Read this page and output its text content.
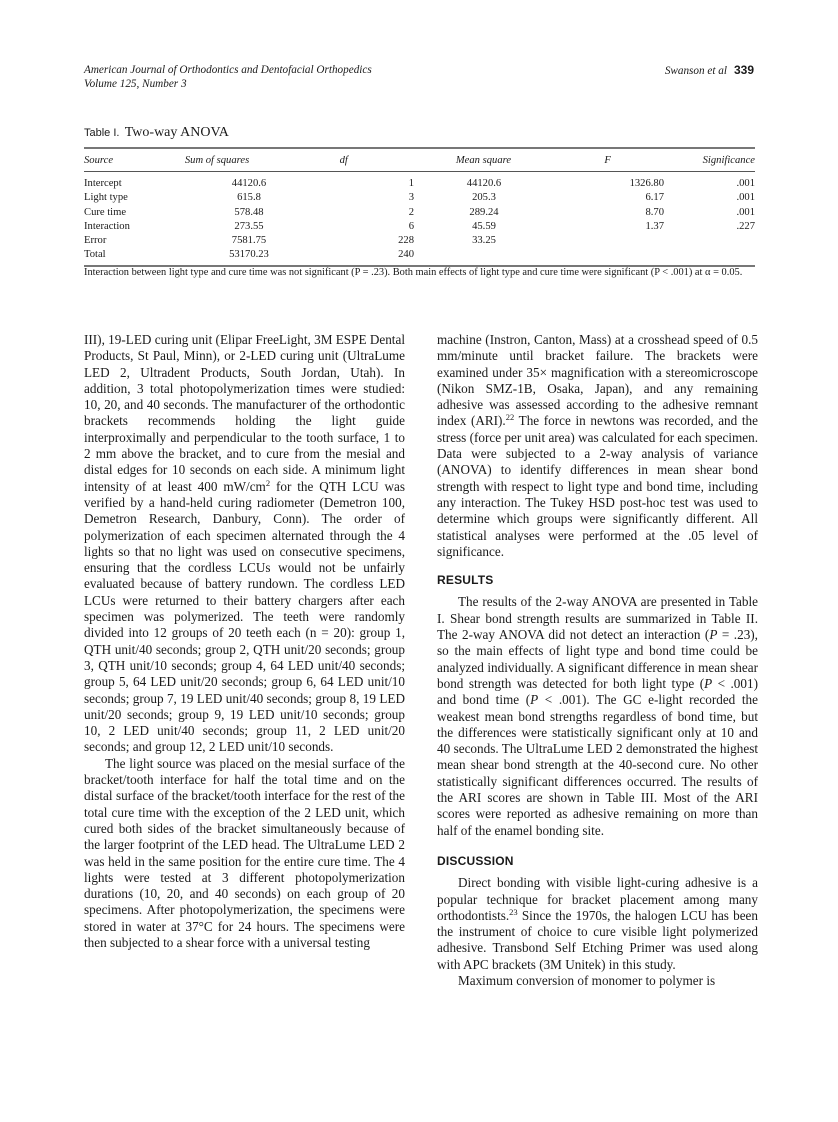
American Journal of Orthodontics and Dentofacial Orthopedics
Volume 125, Number 3
Swanson et al 339
Table I. Two-way ANOVA
Source	Sum of squares	df	Mean square	F	Significance

Intercept	44120.6	1	44120.6	1326.80	.001
Light type	615.8	3	205.3	6.17	.001
Cure time	578.48	2	289.24	8.70	.001
Interaction	273.55	6	45.59	1.37	.227
Error	7581.75	228	33.25		
Total	53170.23	240			
Interaction between light type and cure time was not significant (P = .23). Both main effects of light type and cure time were significant (P < .001) at α = 0.05.

III), 19-LED curing unit (Elipar FreeLight, 3M ESPE Dental Products, St Paul, Minn), or 2-LED curing unit (UltraLume LED 2, Ultradent Products, South Jordan, Utah). In addition, 3 total photopolymerization times were studied: 10, 20, and 40 seconds. The manufacturer of the orthodontic brackets recommends holding the light guide interproximally and perpendicular to the tooth surface, 1 to 2 mm above the bracket, and to cure from the mesial and distal edges for 10 seconds on each side. A minimum light intensity of at least 400 $mW/cm^2$ for the QTH LCU was verified by a hand-held curing radiometer (Demetron 100, Demetron Research, Danbury, Conn). The order of polymerization of each specimen alternated through the 4 lights so that no light was used on consecutive specimens, ensuring that the cordless LCUs would not be unfairly evaluated because of battery rundown. The cordless LED LCUs were returned to their battery chargers after each specimen was polymerized. The teeth were randomly divided into 12 groups of 20 teeth each (n = 20): group 1, QTH unit/40 seconds; group 2, QTH unit/20 seconds; group 3, QTH unit/10 seconds; group 4, 64 LED unit/40 seconds; group 5, 64 LED unit/20 seconds; group 6, 64 LED unit/10 seconds; group 7, 19 LED unit/40 seconds; group 8, 19 LED unit/20 seconds; group 9, 19 LED unit/10 seconds; group 10, 2 LED unit/40 seconds; group 11, 2 LED unit/20 seconds; and group 12, 2 LED unit/10 seconds.

The light source was placed on the mesial surface of the bracket/tooth interface for half the total time and on the distal surface of the bracket/tooth interface for the rest of the total cure time with the exception of the 2 LED unit, which cured both sides of the bracket simultaneously because of the larger footprint of the LED head. The UltraLume LED 2 was held in the same position for the entire cure time. The 4 lights were tested at 3 different photopolymerization durations (10, 20, and 40 seconds) on each group of 20 specimens. After photopolymerization, the specimens were stored in water at 37°C for 24 hours. The specimens were then subjected to a shear force with a universal testing

machine (Instron, Canton, Mass) at a crosshead speed of 0.5 mm/minute until bracket failure. The brackets were examined under 35× magnification with a stereomicroscope (Nikon SMZ-1B, Osaka, Japan), and any remaining adhesive was assessed according to the adhesive remnant index (ARI).$^{22}$ The force in newtons was recorded, and the stress (force per unit area) was calculated for each specimen. Data were subjected to a 2-way analysis of variance (ANOVA) to identify differences in mean shear bond strength with respect to light type and bond time, including any interaction. The Tukey HSD post-hoc test was used to determine which groups were significantly different. All statistical analyses were performed at the .05 level of significance.

RESULTS

The results of the 2-way ANOVA are presented in Table I. Shear bond strength results are summarized in Table II. The 2-way ANOVA did not detect an interaction (P = .23), so the main effects of light type and bond time could be analyzed individually. A significant difference in mean shear bond strength was detected for both light type (P < .001) and bond time (P < .001). The GC e-light recorded the weakest mean bond strengths regardless of bond time, but the differences were statistically significant only at 10 and 40 seconds. The UltraLume LED 2 demonstrated the highest mean shear bond strength at the 40-second cure. No other statistically significant differences occurred. The results of the ARI scores are shown in Table III. Most of the ARI scores were reported as adhesive remaining on more than half of the enamel bonding site.

DISCUSSION

Direct bonding with visible light-curing adhesive is a popular technique for bracket placement among many orthodontists.$^{23}$ Since the 1970s, the halogen LCU has been the instrument of choice to cure visible light polymerized adhesive. Transbond Self Etching Primer was used along with APC brackets (3M Unitek) in this study.

Maximum conversion of monomer to polymer is
